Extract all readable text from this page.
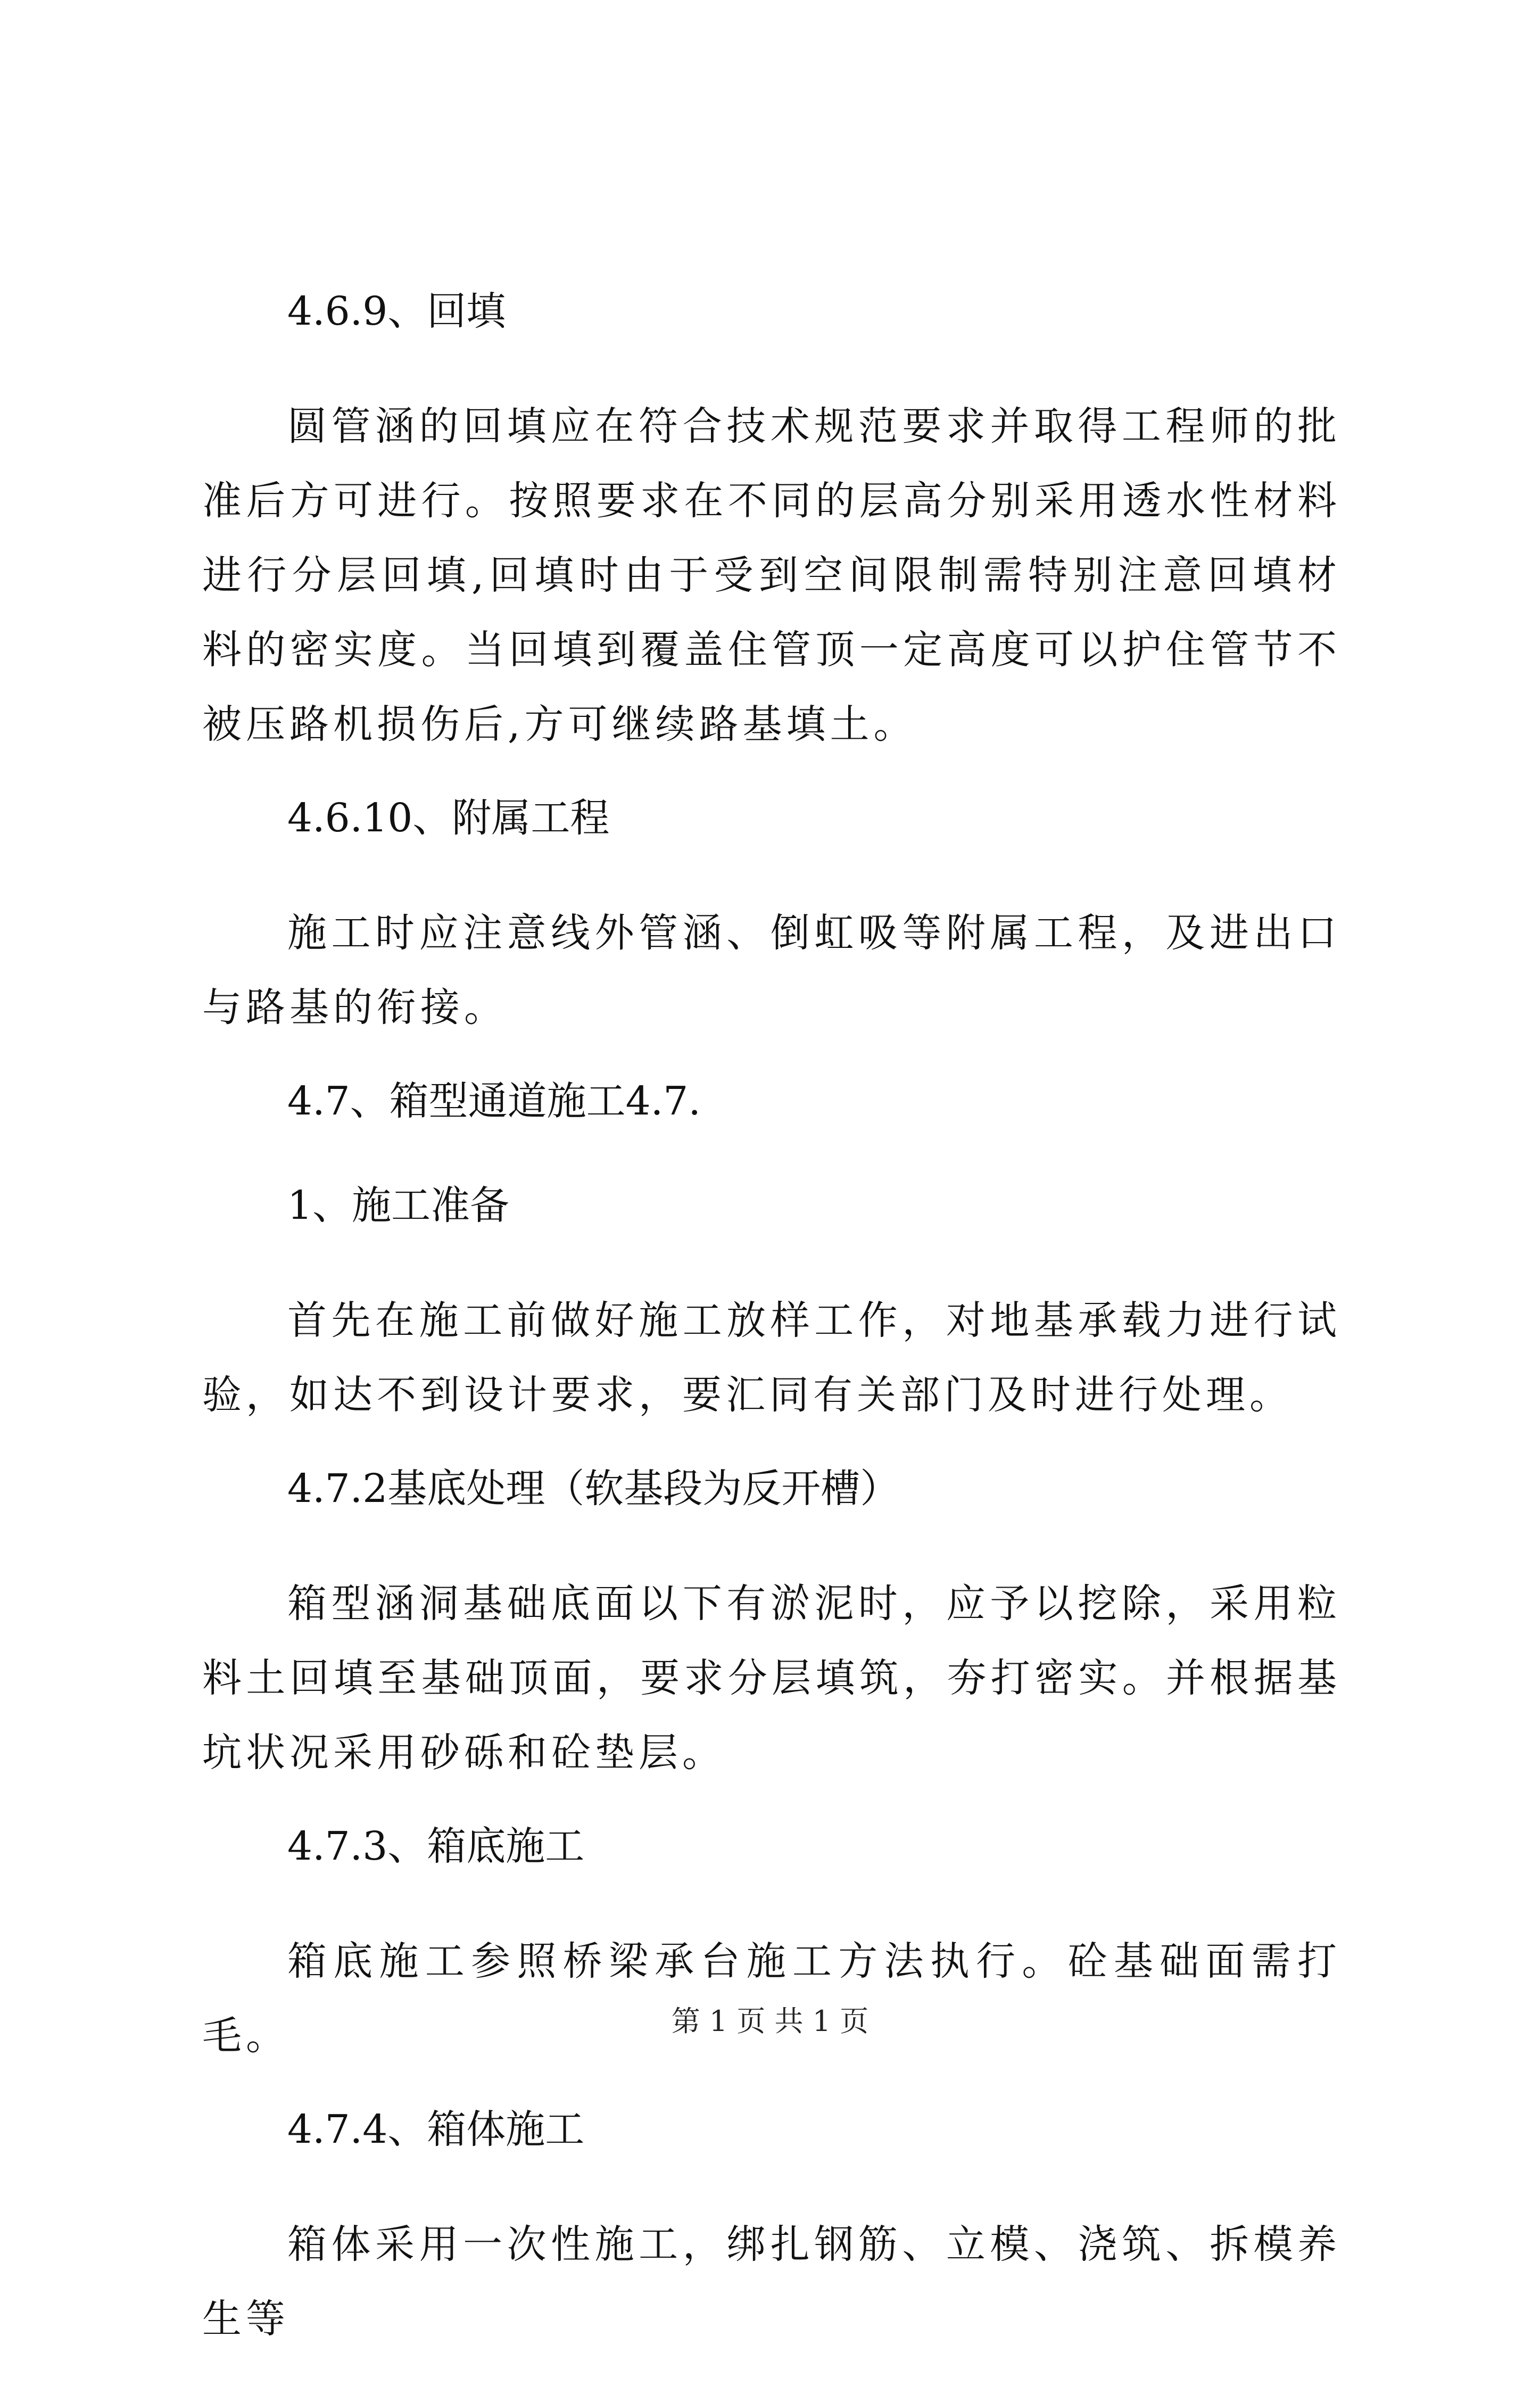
4.6.9、回填

圆管涵的回填应在符合技术规范要求并取得工程师的批准后方可进行。按照要求在不同的层高分别采用透水性材料进行分层回填,回填时由于受到空间限制需特别注意回填材料的密实度。当回填到覆盖住管顶一定高度可以护住管节不被压路机损伤后,方可继续路基填土。

4.6.10、附属工程

施工时应注意线外管涵、倒虹吸等附属工程，及进出口与路基的衔接。

4.7、箱型通道施工4.7.
1、施工准备

首先在施工前做好施工放样工作，对地基承载力进行试验，如达不到设计要求，要汇同有关部门及时进行处理。

4.7.2基底处理（软基段为反开槽）

箱型涵洞基础底面以下有淤泥时，应予以挖除，采用粒料土回填至基础顶面，要求分层填筑，夯打密实。并根据基坑状况采用砂砾和砼垫层。

4.7.3、箱底施工

箱底施工参照桥梁承台施工方法执行。砼基础面需打毛。

4.7.4、箱体施工

箱体采用一次性施工，绑扎钢筋、立模、浇筑、拆模养生等

第 1 页 共 1 页
